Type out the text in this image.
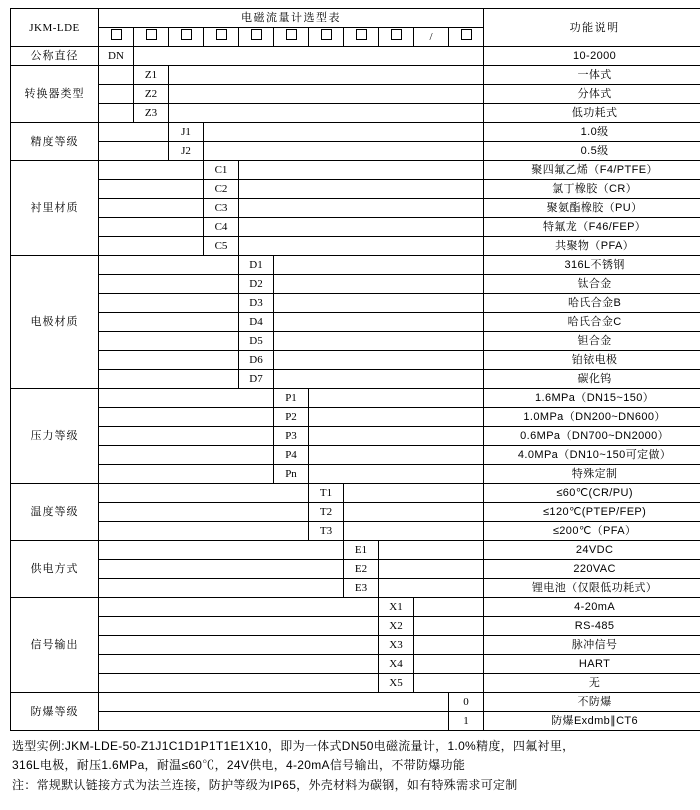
JKM-LDE	电磁流量计选型表											功能说明
										/		
公称直径	DN											10-2000
转换器类型		Z1										一体式
		Z2										分体式
		Z3										低功耗式
精度等级			J1									1.0级
			J2									0.5级
衬里材质				C1								聚四氟乙烯（F4/PTFE）
				C2								氯丁橡胶（CR）
				C3								聚氨酯橡胶（PU）
				C4								特氟龙（F46/FEP）
				C5								共聚物（PFA）
电极材质					D1							316L不锈钢
					D2							钛合金
					D3							哈氏合金B
					D4							哈氏合金C
					D5							钽合金
					D6							铂铱电极
					D7							碳化钨
压力等级						P1						1.6MPa（DN15~150）
						P2						1.0MPa（DN200~DN600）
						P3						0.6MPa（DN700~DN2000）
						P4						4.0MPa（DN10~150可定做）
						Pn						特殊定制
温度等级							T1					≤60℃(CR/PU)
							T2					≤120℃(PTEP/FEP)
							T3					≤200℃（PFA）
供电方式								E1				24VDC
								E2				220VAC
								E3				锂电池（仅限低功耗式）
信号输出									X1			4-20mA
									X2			RS-485
									X3			脉冲信号
									X4			HART
									X5			无
防爆等级											0	不防爆
											1	防爆Exdmb∥CT6
选型实例:JKM-LDE-50-Z1J1C1D1P1T1E1X10，即为一体式DN50电磁流量计，1.0%精度，四氟衬里，
316L电极，耐压1.6MPa，耐温≤60℃，24V供电，4-20mA信号输出，不带防爆功能
注：常规默认链接方式为法兰连接，防护等级为IP65，外壳材料为碳钢，如有特殊需求可定制
